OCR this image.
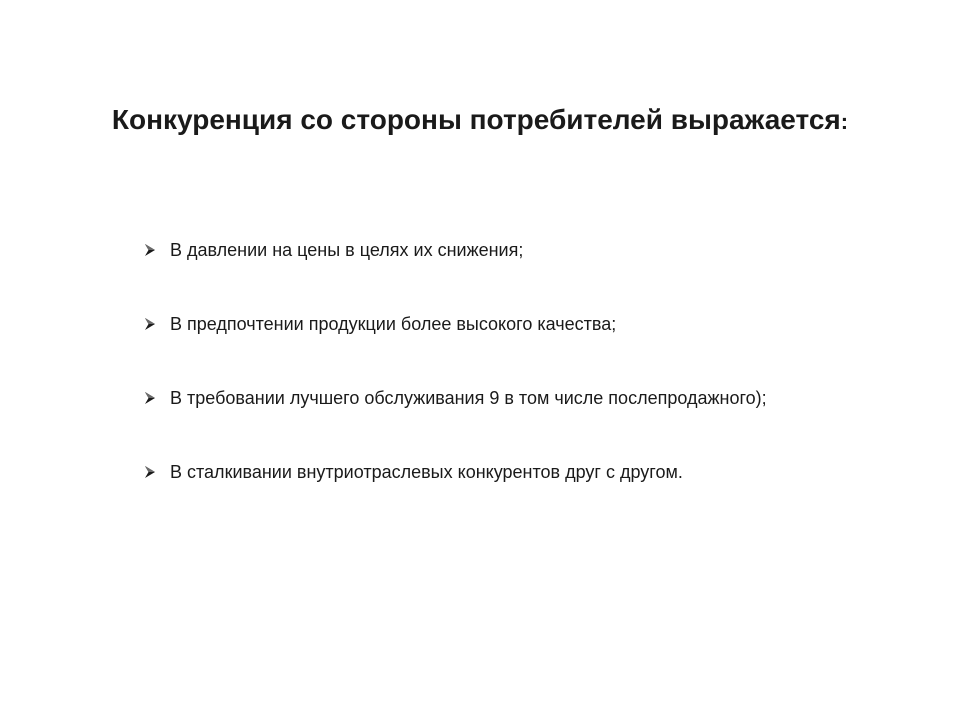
Конкуренция со стороны потребителей выражается:
В давлении на цены в целях их снижения;
В предпочтении продукции более высокого качества;
В требовании лучшего обслуживания 9 в том числе послепродажного);
В сталкивании внутриотраслевых конкурентов друг с другом.
